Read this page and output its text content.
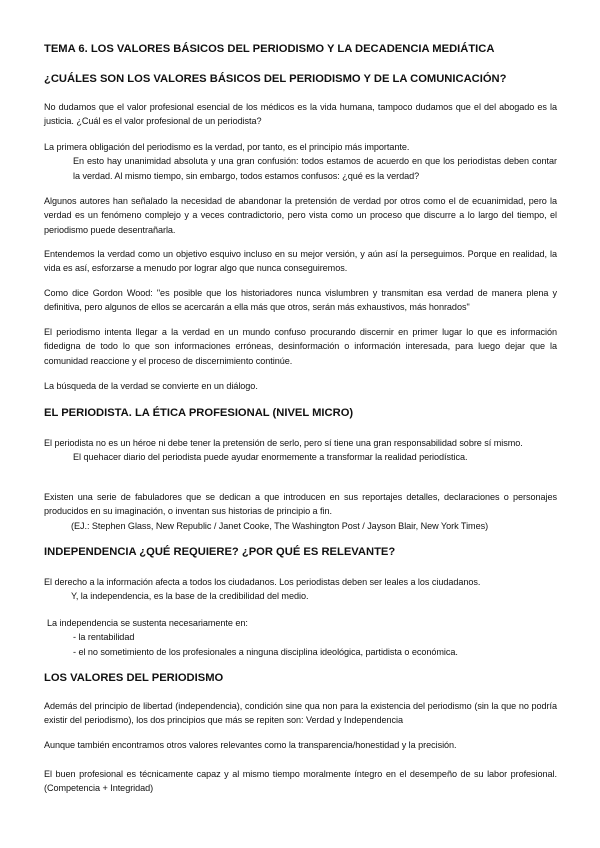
TEMA 6. LOS VALORES BÁSICOS DEL PERIODISMO Y LA DECADENCIA MEDIÁTICA
¿CUÁLES SON LOS VALORES BÁSICOS DEL PERIODISMO Y DE LA COMUNICACIÓN?

No dudamos que el valor profesional esencial de los médicos es la vida humana, tampoco dudamos que el del abogado es la justicia. ¿Cuál es el valor profesional de un periodista?

La primera obligación del periodismo es la verdad, por tanto, es el principio más importante.
En esto hay unanimidad absoluta y una gran confusión: todos estamos de acuerdo en que los periodistas deben contar la verdad. Al mismo tiempo, sin embargo, todos estamos confusos: ¿qué es la verdad?

Algunos autores han señalado la necesidad de abandonar la pretensión de verdad por otros como el de ecuanimidad, pero la verdad es un fenómeno complejo y a veces contradictorio, pero vista como un proceso que discurre a lo largo del tiempo, el periodismo puede desentrañarla.

Entendemos la verdad como un objetivo esquivo incluso en su mejor versión, y aún así la perseguimos. Porque en realidad, la vida es así, esforzarse a menudo por lograr algo que nunca conseguiremos.

Como dice Gordon Wood: "es posible que los historiadores nunca vislumbren y transmitan esa verdad de manera plena y definitiva, pero algunos de ellos se acercarán a ella más que otros, serán más exhaustivos, más honrados"

El periodismo intenta llegar a la verdad en un mundo confuso procurando discernir en primer lugar lo que es información fidedigna de todo lo que son informaciones erróneas, desinformación o información interesada, para luego dejar que la comunidad reaccione y el proceso de discernimiento continúe.

La búsqueda de la verdad se convierte en un diálogo.

EL PERIODISTA. LA ÉTICA PROFESIONAL (NIVEL MICRO)
El periodista no es un héroe ni debe tener la pretensión de serlo, pero sí tiene una gran responsabilidad sobre sí mismo.
El quehacer diario del periodista puede ayudar enormemente a transformar la realidad periodística.
Existen una serie de fabuladores que se dedican a que introducen en sus reportajes detalles, declaraciones o personajes producidos en su imaginación, o inventan sus historias de principio a fin.
(EJ.: Stephen Glass, New Republic / Janet Cooke, The Washington Post / Jayson Blair, New York Times)
INDEPENDENCIA ¿QUÉ REQUIERE? ¿POR QUÉ ES RELEVANTE?
El derecho a la información afecta a todos los ciudadanos. Los periodistas deben ser leales a los ciudadanos.
Y, la independencia, es la base de la credibilidad del medio.
La independencia se sustenta necesariamente en:
- la rentabilidad
- el no sometimiento de los profesionales a ninguna disciplina ideológica, partidista o económica.
LOS VALORES DEL PERIODISMO

Además del principio de libertad (independencia), condición sine qua non para la existencia del periodismo (sin la que no podría existir del periodismo), los dos principios que más se repiten son: Verdad y Independencia

Aunque también encontramos otros valores relevantes como la transparencia/honestidad y la precisión.

El buen profesional es técnicamente capaz y al mismo tiempo moralmente íntegro en el desempeño de su labor profesional. (Competencia + Integridad)
